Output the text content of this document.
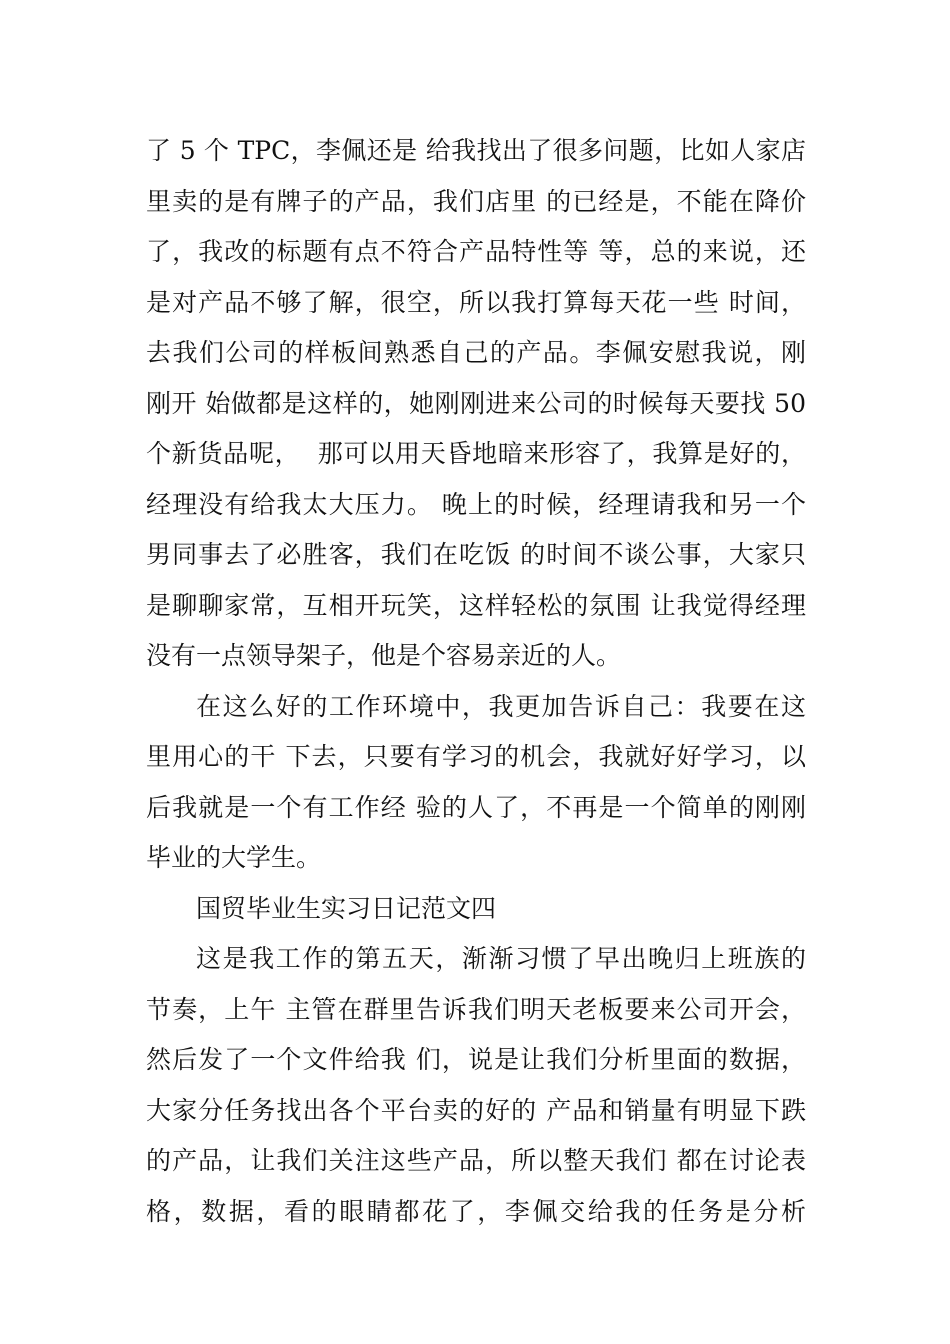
了 5 个 TPC，李佩还是 给我找出了很多问题，比如人家店
里卖的是有牌子的产品，我们店里 的已经是，不能在降价
了，我改的标题有点不符合产品特性等 等，总的来说，还
是对产品不够了解，很空，所以我打算每天花一些 时间，
去我们公司的样板间熟悉自己的产品。李佩安慰我说，刚
刚开 始做都是这样的，她刚刚进来公司的时候每天要找 50
个新货品呢，  那可以用天昏地暗来形容了，我算是好的，
经理没有给我太大压力。 晚上的时候，经理请我和另一个
男同事去了必胜客，我们在吃饭 的时间不谈公事，大家只
是聊聊家常，互相开玩笑，这样轻松的氛围 让我觉得经理
没有一点领导架子，他是个容易亲近的人。
在这么好的工作环境中，我更加告诉自己：我要在这
里用心的干 下去，只要有学习的机会，我就好好学习，以
后我就是一个有工作经 验的人了，不再是一个简单的刚刚
毕业的大学生。
国贸毕业生实习日记范文四
这是我工作的第五天，渐渐习惯了早出晚归上班族的
节奏，上午 主管在群里告诉我们明天老板要来公司开会，
然后发了一个文件给我 们，说是让我们分析里面的数据，
大家分任务找出各个平台卖的好的 产品和销量有明显下跌
的产品，让我们关注这些产品，所以整天我们 都在讨论表
格，数据，看的眼睛都花了，李佩交给我的任务是分析
